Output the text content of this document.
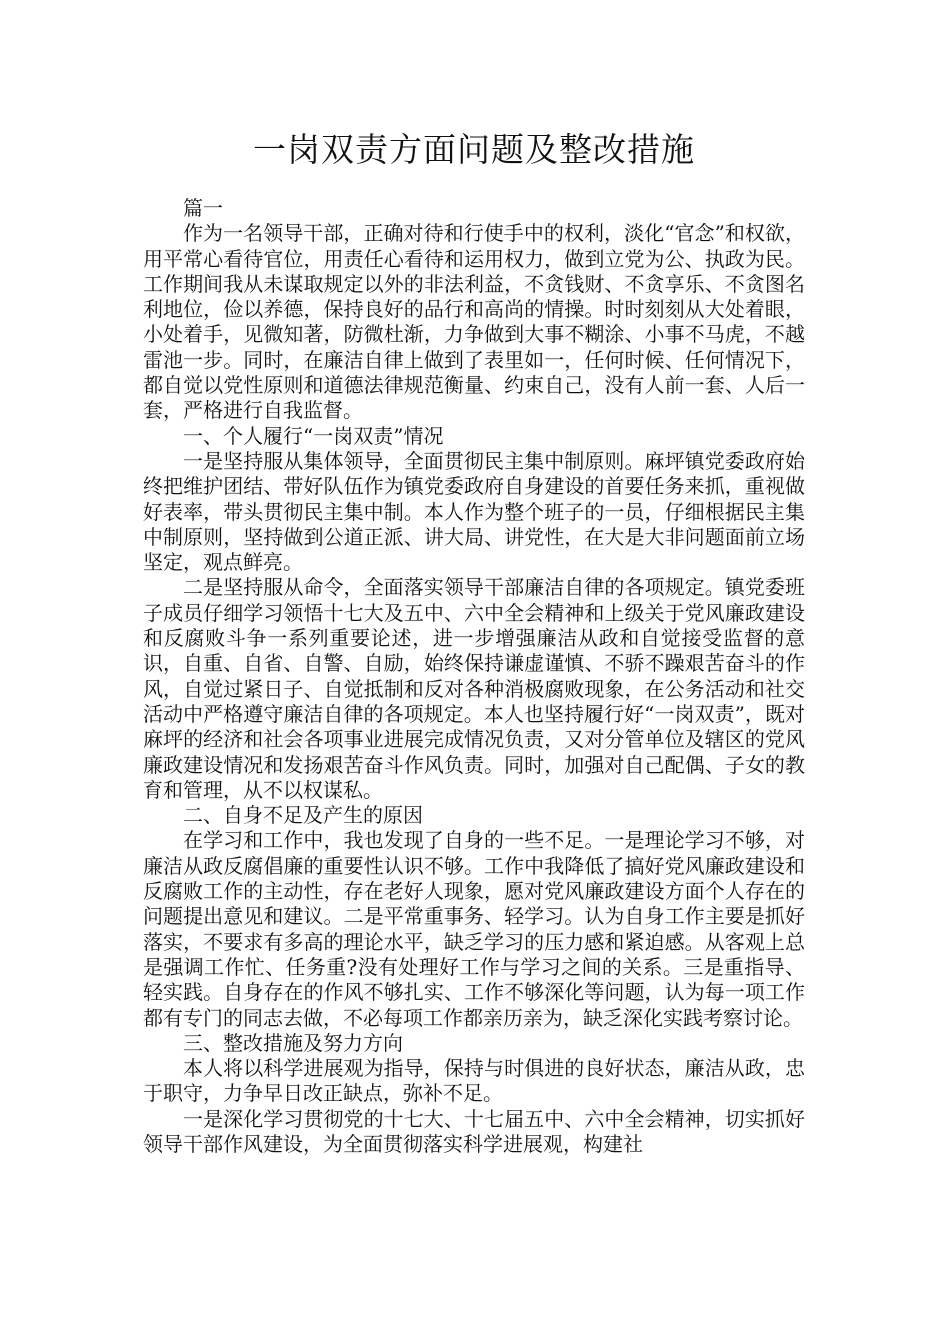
一岗双责方面问题及整改措施

篇一

作为一名领导干部，正确对待和行使手中的权利，淡化“官念”和权欲，用平常心看待官位，用责任心看待和运用权力，做到立党为公、执政为民。工作期间我从未谋取规定以外的非法利益，不贪钱财、不贪享乐、不贪图名利地位，俭以养德，保持良好的品行和高尚的情操。时时刻刻从大处着眼，小处着手，见微知著，防微杜渐，力争做到大事不糊涂、小事不马虎，不越雷池一步。同时，在廉洁自律上做到了表里如一，任何时候、任何情况下，都自觉以党性原则和道德法律规范衡量、约束自己，没有人前一套、人后一套，严格进行自我监督。

一、个人履行“一岗双责”情况

一是坚持服从集体领导，全面贯彻民主集中制原则。麻坪镇党委政府始终把维护团结、带好队伍作为镇党委政府自身建设的首要任务来抓，重视做好表率，带头贯彻民主集中制。本人作为整个班子的一员，仔细根据民主集中制原则，坚持做到公道正派、讲大局、讲党性，在大是大非问题面前立场坚定，观点鲜亮。

二是坚持服从命令，全面落实领导干部廉洁自律的各项规定。镇党委班子成员仔细学习领悟十七大及五中、六中全会精神和上级关于党风廉政建设和反腐败斗争一系列重要论述，进一步增强廉洁从政和自觉接受监督的意识，自重、自省、自警、自励，始终保持谦虚谨慎、不骄不躁艰苦奋斗的作风，自觉过紧日子、自觉抵制和反对各种消极腐败现象，在公务活动和社交活动中严格遵守廉洁自律的各项规定。本人也坚持履行好“一岗双责”，既对麻坪的经济和社会各项事业进展完成情况负责，又对分管单位及辖区的党风廉政建设情况和发扬艰苦奋斗作风负责。同时，加强对自己配偶、子女的教育和管理，从不以权谋私。

二、自身不足及产生的原因

在学习和工作中，我也发现了自身的一些不足。一是理论学习不够，对廉洁从政反腐倡廉的重要性认识不够。工作中我降低了搞好党风廉政建设和反腐败工作的主动性，存在老好人现象，愿对党风廉政建设方面个人存在的问题提出意见和建议。二是平常重事务、轻学习。认为自身工作主要是抓好落实，不要求有多高的理论水平，缺乏学习的压力感和紧迫感。从客观上总是强调工作忙、任务重?没有处理好工作与学习之间的关系。三是重指导、轻实践。自身存在的作风不够扎实、工作不够深化等问题，认为每一项工作都有专门的同志去做，不必每项工作都亲历亲为，缺乏深化实践考察讨论。

三、整改措施及努力方向

本人将以科学进展观为指导，保持与时俱进的良好状态，廉洁从政，忠于职守，力争早日改正缺点，弥补不足。

一是深化学习贯彻党的十七大、十七届五中、六中全会精神，切实抓好领导干部作风建设，为全面贯彻落实科学进展观，构建社
